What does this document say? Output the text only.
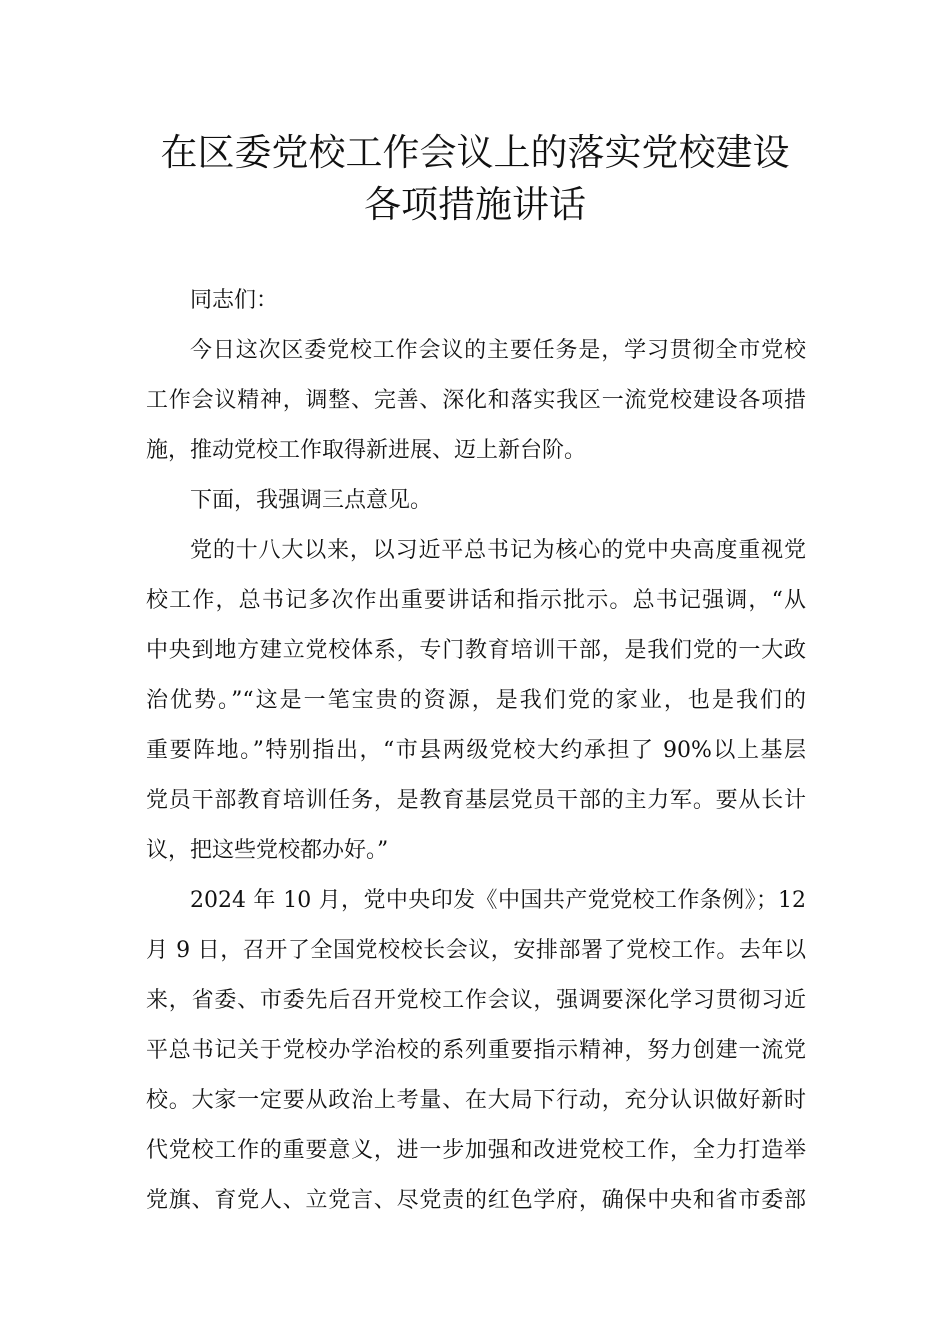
在区委党校工作会议上的落实党校建设
各项措施讲话
同志们：
今日这次区委党校工作会议的主要任务是，学习贯彻全市党校
工作会议精神，调整、完善、深化和落实我区一流党校建设各项措
施，推动党校工作取得新进展、迈上新台阶。
下面，我强调三点意见。
党的十八大以来，以习近平总书记为核心的党中央高度重视党
校工作，总书记多次作出重要讲话和指示批示。总书记强调，“从
中央到地方建立党校体系，专门教育培训干部，是我们党的一大政
治优势。”“这是一笔宝贵的资源，是我们党的家业，也是我们的
重要阵地。”特别指出，“市县两级党校大约承担了 90%以上基层
党员干部教育培训任务，是教育基层党员干部的主力军。要从长计
议，把这些党校都办好。”
2024 年 10 月，党中央印发《中国共产党党校工作条例》；12
月 9 日，召开了全国党校校长会议，安排部署了党校工作。去年以
来，省委、市委先后召开党校工作会议，强调要深化学习贯彻习近
平总书记关于党校办学治校的系列重要指示精神，努力创建一流党
校。大家一定要从政治上考量、在大局下行动，充分认识做好新时
代党校工作的重要意义，进一步加强和改进党校工作，全力打造举
党旗、育党人、立党言、尽党责的红色学府，确保中央和省市委部
